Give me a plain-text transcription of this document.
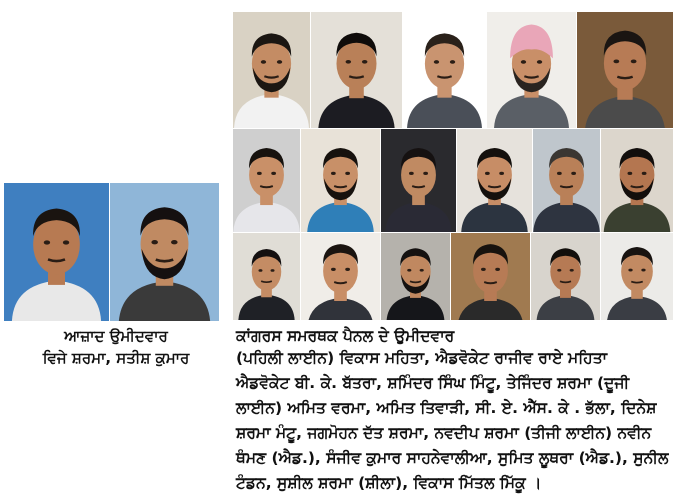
ਆਜ਼ਾਦ ਉਮੀਦਵਾਰ
ਵਿਜੇ ਸ਼ਰਮਾ, ਸਤੀਸ਼ ਕੁਮਾਰ
ਕਾਂਗਰਸ ਸਮਰਥਕ ਪੈਨਲ ਦੇ ਉਮੀਦਵਾਰ
(ਪਹਿਲੀ ਲਾਈਨ) ਵਿਕਾਸ ਮਹਿਤਾ, ਐਡਵੋਕੇਟ ਰਾਜੀਵ ਰਾਏ ਮਹਿਤਾ
ਐਡਵੋਕੇਟ ਬੀ. ਕੇ. ਬੱਤਰਾ, ਸ਼ਮਿੰਦਰ ਸਿੰਘ ਮਿੰਟੂ, ਤੇਜਿੰਦਰ ਸ਼ਰਮਾ (ਦੂਜੀ
ਲਾਈਨ) ਅਮਿਤ ਵਰਮਾ, ਅਮਿਤ ਤਿਵਾੜੀ, ਸੀ. ਏ. ਐੱਸ. ਕੇ . ਭੱਲਾ, ਦਿਨੇਸ਼
ਸ਼ਰਮਾ ਮੰਟੂ, ਜਗਮੋਹਨ ਦੱਤ ਸ਼ਰਮਾ, ਨਵਦੀਪ ਸ਼ਰਮਾ (ਤੀਜੀ ਲਾਈਨ) ਨਵੀਨ
ਥੰਮਣ (ਐਡ.), ਸੰਜੀਵ ਕੁਮਾਰ ਸਾਹਨੇਵਾਲੀਆ, ਸੁਮਿਤ ਲੂਥਰਾ (ਐਡ.), ਸੁਨੀਲ
ਟੰਡਨ, ਸੁਸ਼ੀਲ ਸ਼ਰਮਾ (ਸ਼ੀਲਾ), ਵਿਕਾਸ ਮਿੱਤਲ ਮਿੱਕੂ ।
